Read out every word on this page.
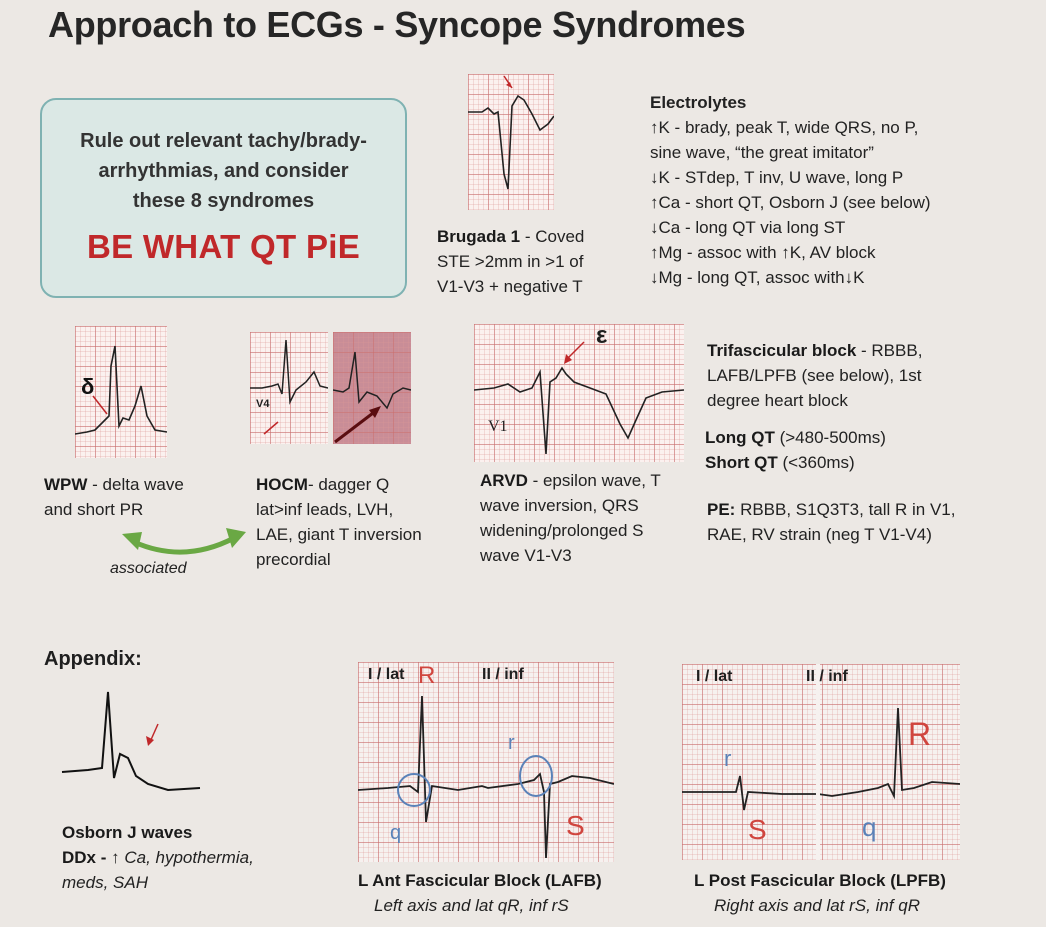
Approach to ECGs - Syncope Syndromes
Rule out relevant tachy/brady-
arrhythmias, and consider
these 8 syndromes
BE WHAT QT PiE	Brugada 1 - Coved
STE >2mm in >1 of
V1-V3 + negative T
Electrolytes
↑K - brady, peak T, wide QRS, no P,
sine wave, “the great imitator”
↓K - STdep, T inv, U wave, long P
↑Ca - short QT, Osborn J (see below)
↓Ca - long QT via long ST
↑Mg - assoc with ↑K, AV block
↓Mg - long QT, assoc with↓K
δ
WPW - delta wave
and short PR
associated
V4
HOCM- dagger Q
lat>inf leads, LVH,
LAE, giant T inversion
precordial
ε
V1
ARVD - epsilon wave, T
wave inversion, QRS
widening/prolonged S
wave V1-V3
Trifascicular block - RBBB,
LAFB/LPFB (see below), 1st
degree heart block
Long QT (>480-500ms)
Short QT (<360ms)
PE: RBBB, S1Q3T3, tall R in V1,
RAE, RV strain (neg T V1-V4)
Appendix:
Osborn J waves
DDx - ↑ Ca, hypothermia,
meds, SAH
I / lat R	II / inf
r
q	S
L Ant Fascicular Block (LAFB)
Left axis and lat qR, inf rS
I / lat	II / inf
r
S
R
q
L Post Fascicular Block (LPFB)
Right axis and lat rS, inf qR
